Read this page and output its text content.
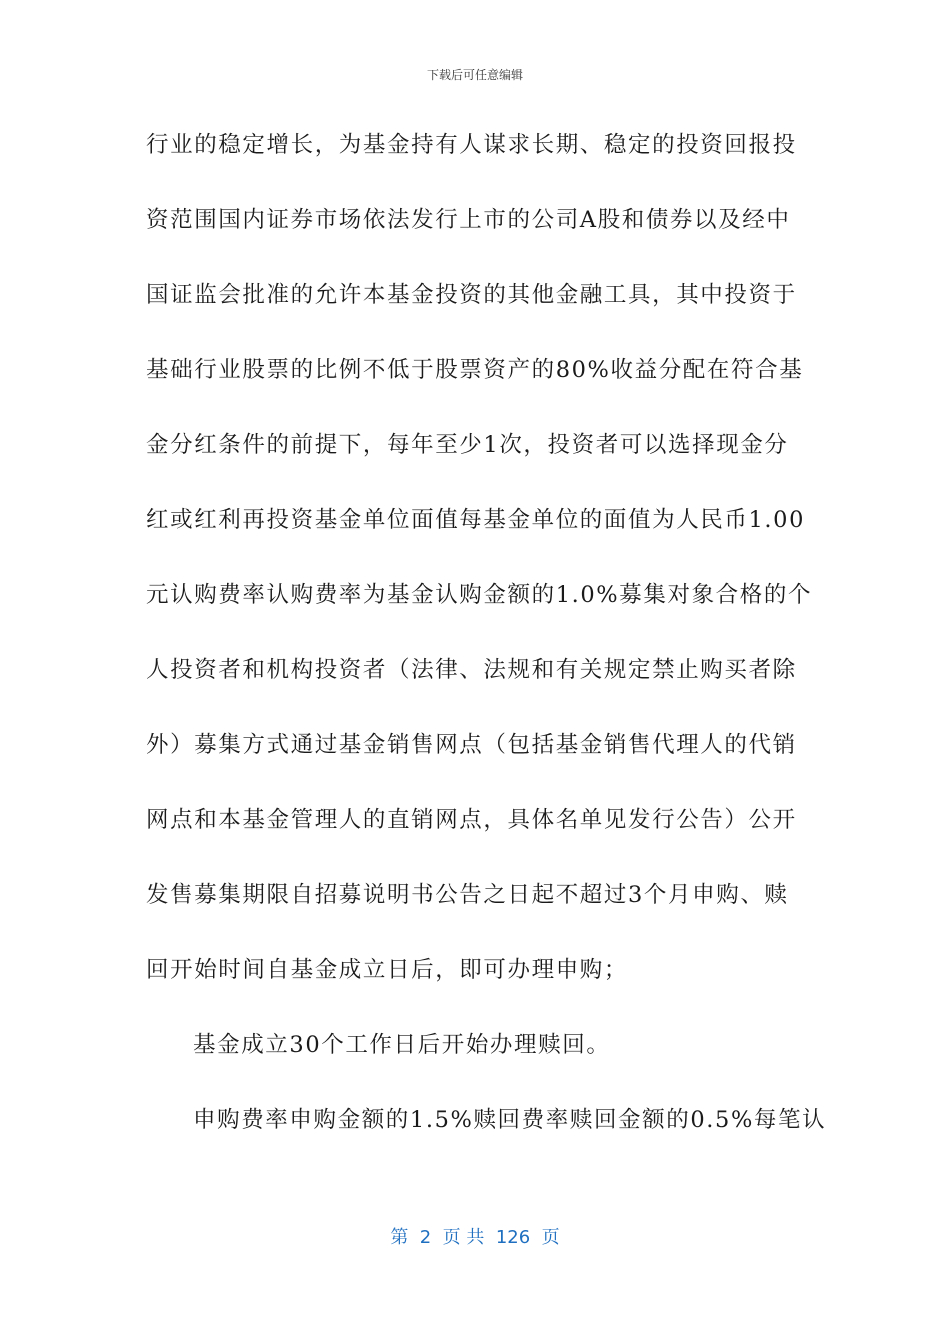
下载后可任意编辑
行业的稳定增长，为基金持有人谋求长期、稳定的投资回报投
资范围国内证券市场依法发行上市的公司A股和债券以及经中
国证监会批准的允许本基金投资的其他金融工具，其中投资于
基础行业股票的比例不低于股票资产的80%收益分配在符合基
金分红条件的前提下，每年至少1次，投资者可以选择现金分
红或红利再投资基金单位面值每基金单位的面值为人民币1.00
元认购费率认购费率为基金认购金额的1.0%募集对象合格的个
人投资者和机构投资者（法律、法规和有关规定禁止购买者除
外）募集方式通过基金销售网点（包括基金销售代理人的代销
网点和本基金管理人的直销网点，具体名单见发行公告）公开
发售募集期限自招募说明书公告之日起不超过3个月申购、赎
回开始时间自基金成立日后，即可办理申购；
基金成立30个工作日后开始办理赎回。
申购费率申购金额的1.5%赎回费率赎回金额的0.5%每笔认
第  2  页 共  126  页
